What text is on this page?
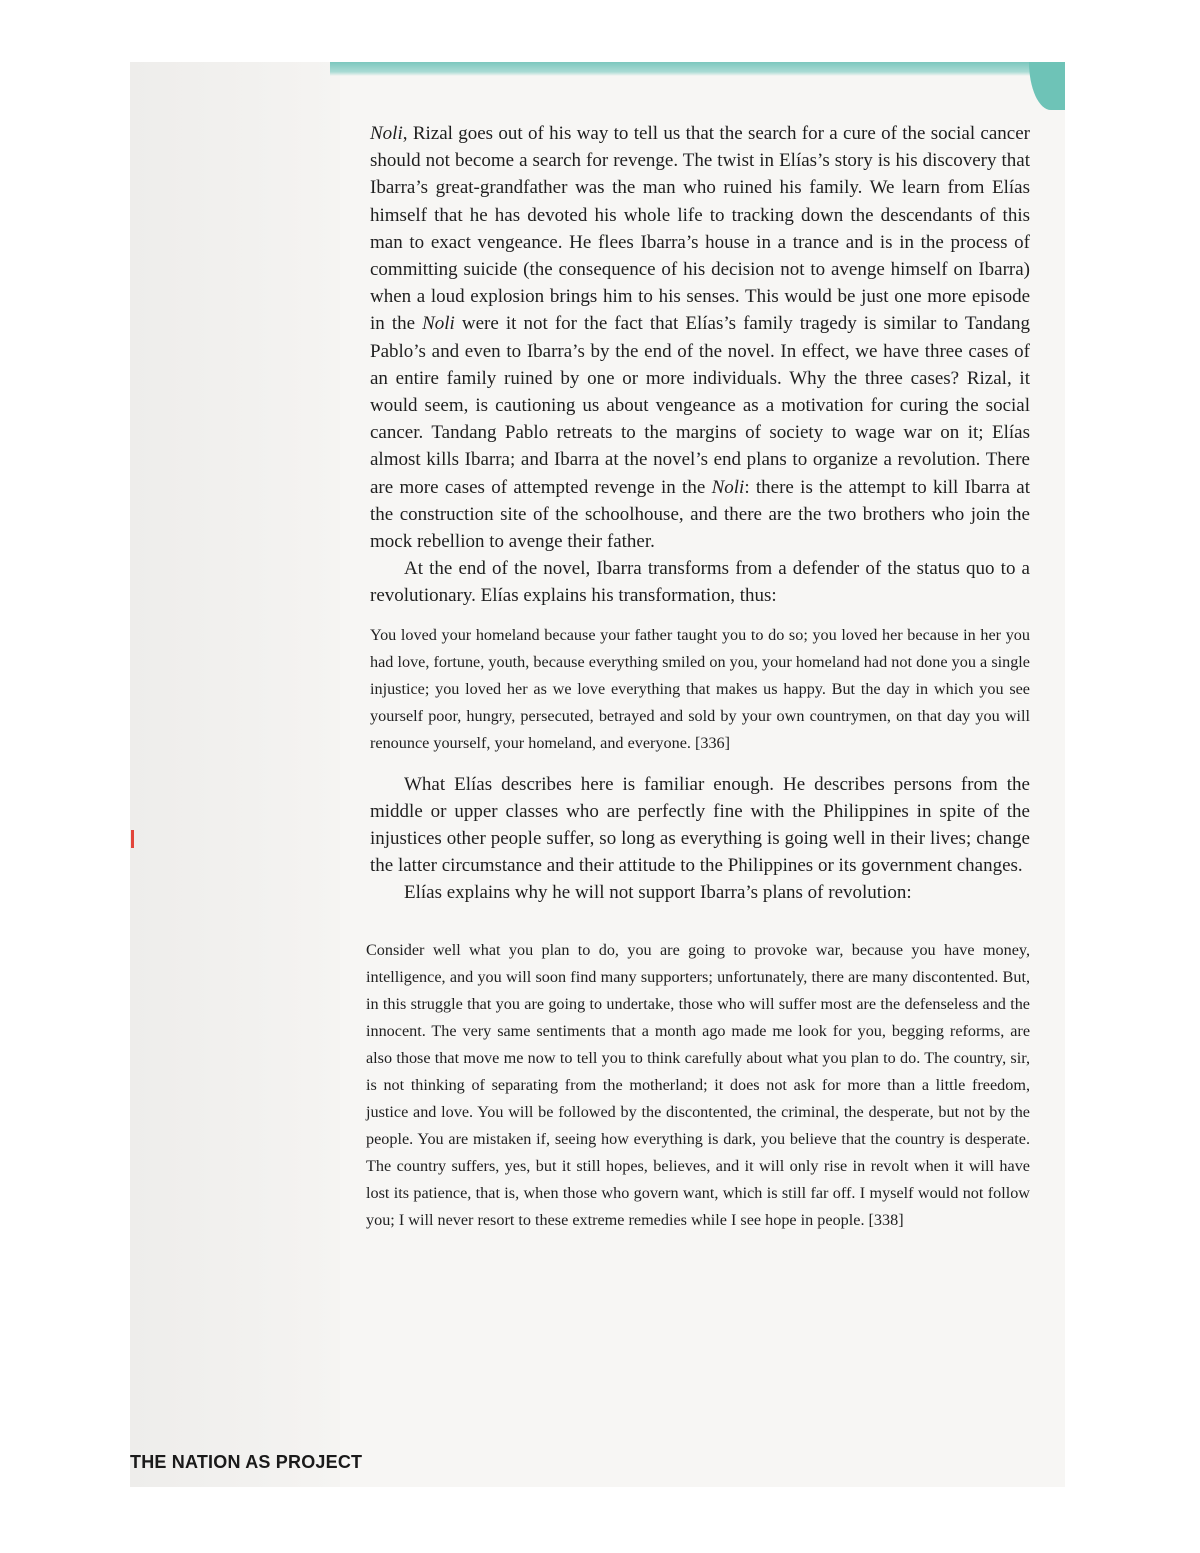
Noli, Rizal goes out of his way to tell us that the search for a cure of the social cancer should not become a search for revenge. The twist in Elías’s story is his discovery that Ibarra’s great-grandfather was the man who ruined his family. We learn from Elías himself that he has devoted his whole life to tracking down the descendants of this man to exact vengeance. He flees Ibarra’s house in a trance and is in the process of committing suicide (the consequence of his decision not to avenge himself on Ibarra) when a loud explosion brings him to his senses. This would be just one more episode in the Noli were it not for the fact that Elías’s family tragedy is similar to Tandang Pablo’s and even to Ibarra’s by the end of the novel. In effect, we have three cases of an entire family ruined by one or more individuals. Why the three cases? Rizal, it would seem, is cautioning us about vengeance as a motivation for curing the social cancer. Tandang Pablo retreats to the margins of society to wage war on it; Elías almost kills Ibarra; and Ibarra at the novel’s end plans to organize a revolution. There are more cases of attempted revenge in the Noli: there is the attempt to kill Ibarra at the construction site of the schoolhouse, and there are the two brothers who join the mock rebellion to avenge their father.

At the end of the novel, Ibarra transforms from a defender of the status quo to a revolutionary. Elías explains his transformation, thus:

You loved your homeland because your father taught you to do so; you loved her because in her you had love, fortune, youth, because everything smiled on you, your homeland had not done you a single injustice; you loved her as we love everything that makes us happy. But the day in which you see yourself poor, hungry, persecuted, betrayed and sold by your own countrymen, on that day you will renounce yourself, your homeland, and everyone. [336]

What Elías describes here is familiar enough. He describes persons from the middle or upper classes who are perfectly fine with the Philippines in spite of the injustices other people suffer, so long as everything is going well in their lives; change the latter circumstance and their attitude to the Philippines or its government changes.

Elías explains why he will not support Ibarra’s plans of revolution:

Consider well what you plan to do, you are going to provoke war, because you have money, intelligence, and you will soon find many supporters; unfortunately, there are many discontented. But, in this struggle that you are going to undertake, those who will suffer most are the defenseless and the innocent. The very same sentiments that a month ago made me look for you, begging reforms, are also those that move me now to tell you to think carefully about what you plan to do. The country, sir, is not thinking of separating from the motherland; it does not ask for more than a little freedom, justice and love. You will be followed by the discontented, the criminal, the desperate, but not by the people. You are mistaken if, seeing how everything is dark, you believe that the country is desperate. The country suffers, yes, but it still hopes, believes, and it will only rise in revolt when it will have lost its patience, that is, when those who govern want, which is still far off. I myself would not follow you; I will never resort to these extreme remedies while I see hope in people. [338]

THE NATION AS PROJECT
